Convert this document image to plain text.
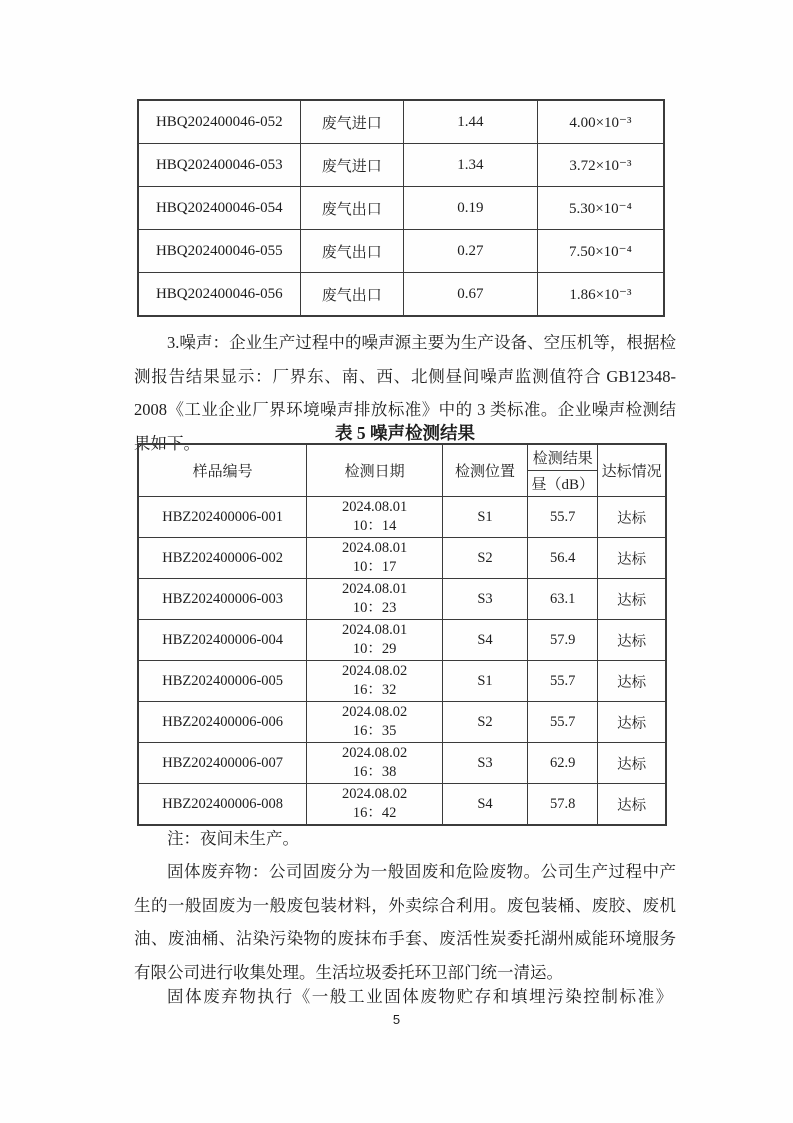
HBQ202400046-052	废气进口	1.44	4.00×10⁻³
HBQ202400046-053	废气进口	1.34	3.72×10⁻³
HBQ202400046-054	废气出口	0.19	5.30×10⁻⁴
HBQ202400046-055	废气出口	0.27	7.50×10⁻⁴
HBQ202400046-056	废气出口	0.67	1.86×10⁻³
3.噪声：企业生产过程中的噪声源主要为生产设备、空压机等，根据检测报告结果显示：厂界东、南、西、北侧昼间噪声监测值符合 GB12348-2008《工业企业厂界环境噪声排放标准》中的 3 类标准。企业噪声检测结果如下。	表 5 噪声检测结果
样品编号	检测日期	检测位置	检测结果	达标情况
			昼（dB）	
HBZ202400006-001	2024.08.01
10：14	S1	55.7	达标
HBZ202400006-002	2024.08.01
10：17	S2	56.4	达标
HBZ202400006-003	2024.08.01
10：23	S3	63.1	达标
HBZ202400006-004	2024.08.01
10：29	S4	57.9	达标
HBZ202400006-005	2024.08.02
16：32	S1	55.7	达标
HBZ202400006-006	2024.08.02
16：35	S2	55.7	达标
HBZ202400006-007	2024.08.02
16：38	S3	62.9	达标
HBZ202400006-008	2024.08.02
16：42	S4	57.8	达标
注：夜间未生产。
固体废弃物：公司固废分为一般固废和危险废物。公司生产过程中产生的一般固废为一般废包装材料，外卖综合利用。废包装桶、废胶、废机油、废油桶、沾染污染物的废抹布手套、废活性炭委托湖州威能环境服务有限公司进行收集处理。生活垃圾委托环卫部门统一清运。
固体废弃物执行《一般工业固体废物贮存和填埋污染控制标准》
5
